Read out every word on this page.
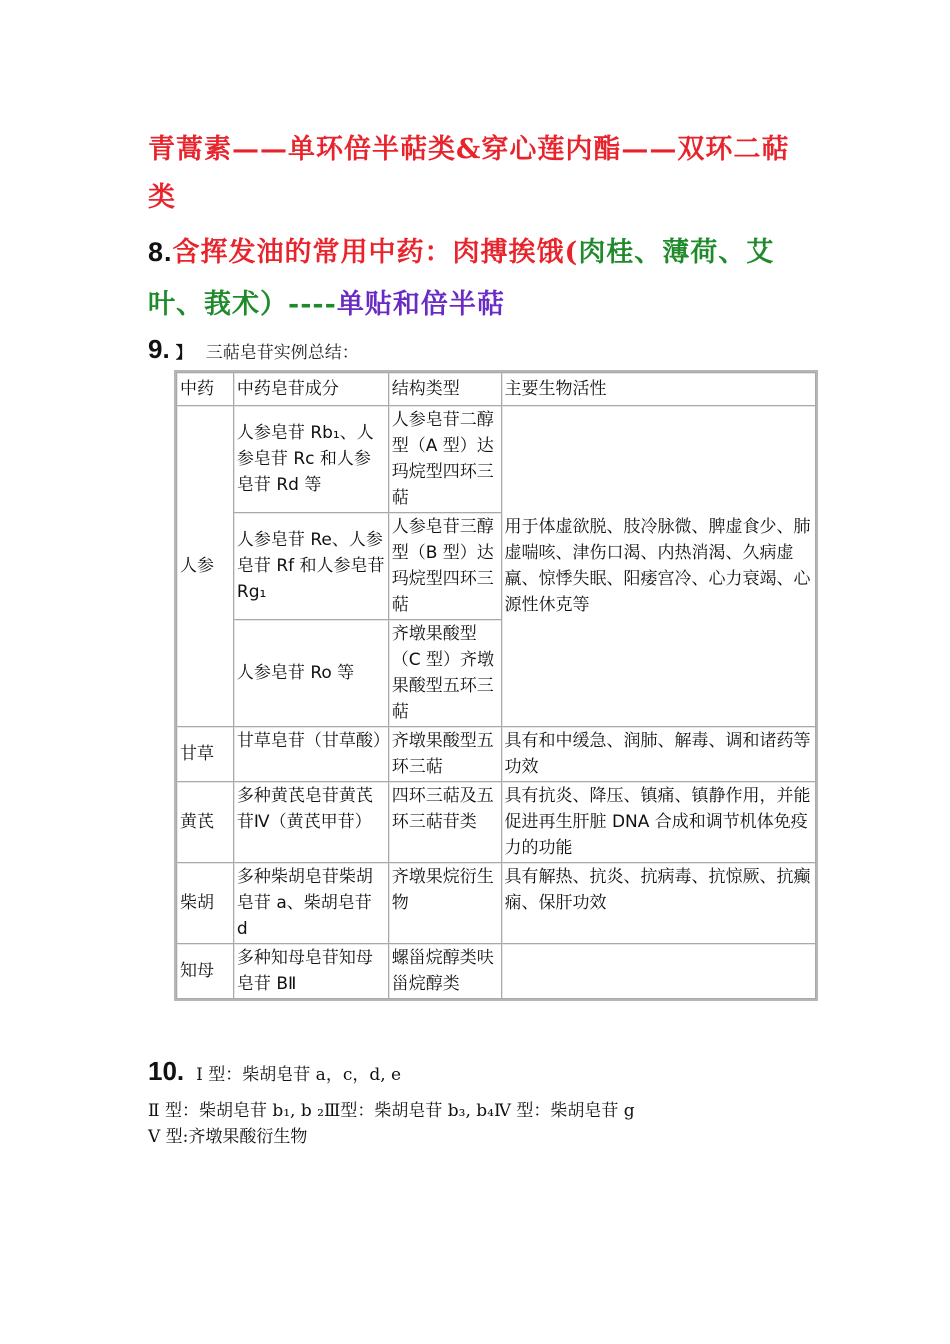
青蒿素——单环倍半萜类&穿心莲内酯——双环二萜类
8.含挥发油的常用中药：肉搏挨饿(肉桂、薄荷、艾叶、莪术）----单贴和倍半萜
9. 】 三萜皂苷实例总结：
中药	中药皂苷成分	结构类型	主要生物活性
人参	人参皂苷 Rb₁、人参皂苷 Rc 和人参皂苷 Rd 等	人参皂苷二醇型（A 型）达玛烷型四环三萜	用于体虚欲脱、肢冷脉微、脾虚食少、肺虚喘咳、津伤口渴、内热消渴、久病虚羸、惊悸失眠、阳痿宫冷、心力衰竭、心源性休克等
	人参皂苷 Re、人参皂苷 Rf 和人参皂苷 Rg₁	人参皂苷三醇型（B 型）达玛烷型四环三萜	
	人参皂苷 Ro 等	齐墩果酸型（C 型）齐墩果酸型五环三萜	
甘草	甘草皂苷（甘草酸）	齐墩果酸型五环三萜	具有和中缓急、润肺、解毒、调和诸药等功效
黄芪	多种黄芪皂苷黄芪苷Ⅳ（黄芪甲苷）	四环三萜及五环三萜苷类	具有抗炎、降压、镇痛、镇静作用，并能促进再生肝脏 DNA 合成和调节机体免疫力的功能
柴胡	多种柴胡皂苷柴胡皂苷 a、柴胡皂苷 d	齐墩果烷衍生物	具有解热、抗炎、抗病毒、抗惊厥、抗癫痫、保肝功效
知母	多种知母皂苷知母皂苷 BⅡ	螺甾烷醇类呋甾烷醇类	
10. Ⅰ 型：柴胡皂苷 a，c，d, e
Ⅱ 型：柴胡皂苷 b₁, b ₂Ⅲ型：柴胡皂苷 b₃, b₄Ⅳ 型：柴胡皂苷 g
Ⅴ 型:齐墩果酸衍生物
